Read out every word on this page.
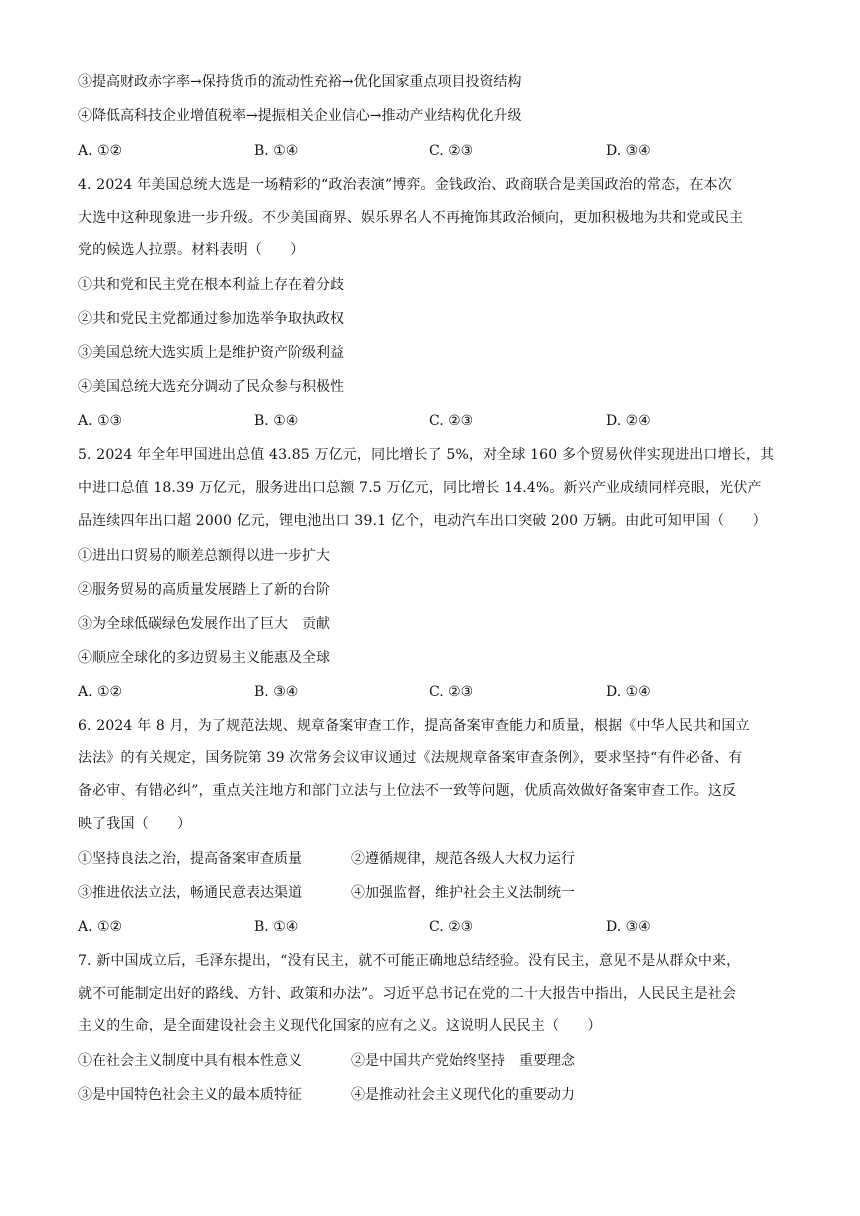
③提高财政赤字率→保持货币的流动性充裕→优化国家重点项目投资结构
④降低高科技企业增值税率→提振相关企业信心→推动产业结构优化升级
A. ①②	B. ①④	C. ②③	D. ③④
4. 2024 年美国总统大选是一场精彩的“政治表演”博弈。金钱政治、政商联合是美国政治的常态，在本次
大选中这种现象进一步升级。不少美国商界、娱乐界名人不再掩饰其政治倾向，更加积极地为共和党或民主
党的候选人拉票。材料表明（　　）
①共和党和民主党在根本利益上存在着分歧
②共和党民主党都通过参加选举争取执政权
③美国总统大选实质上是维护资产阶级利益
④美国总统大选充分调动了民众参与积极性
A. ①③	B. ①④	C. ②③	D. ②④
5. 2024 年全年甲国进出总值 43.85 万亿元，同比增长了 5%，对全球 160 多个贸易伙伴实现进出口增长，其
中进口总值 18.39 万亿元，服务进出口总额 7.5 万亿元，同比增长 14.4%。新兴产业成绩同样亮眼，光伏产
品连续四年出口超 2000 亿元，锂电池出口 39.1 亿个，电动汽车出口突破 200 万辆。由此可知甲国（　　）
①进出口贸易的顺差总额得以进一步扩大
②服务贸易的高质量发展踏上了新的台阶
③为全球低碳绿色发展作出了巨大　贡献
④顺应全球化的多边贸易主义能惠及全球
A. ①②	B. ③④	C. ②③	D. ①④
6. 2024 年 8 月，为了规范法规、规章备案审查工作，提高备案审查能力和质量，根据《中华人民共和国立
法法》的有关规定，国务院第 39 次常务会议审议通过《法规规章备案审查条例》，要求坚持“有件必备、有
备必审、有错必纠”，重点关注地方和部门立法与上位法不一致等问题，优质高效做好备案审查工作。这反
映了我国（　　）
①坚持良法之治，提高备案审查质量	②遵循规律，规范各级人大权力运行
③推进依法立法，畅通民意表达渠道	④加强监督，维护社会主义法制统一
A. ①②	B. ①④	C. ②③	D. ③④
7. 新中国成立后，毛泽东提出，“没有民主，就不可能正确地总结经验。没有民主，意见不是从群众中来，
就不可能制定出好的路线、方针、政策和办法”。习近平总书记在党的二十大报告中指出，人民民主是社会
主义的生命，是全面建设社会主义现代化国家的应有之义。这说明人民民主（　　）
①在社会主义制度中具有根本性意义	②是中国共产党始终坚持　重要理念
③是中国特色社会主义的最本质特征	④是推动社会主义现代化的重要动力
